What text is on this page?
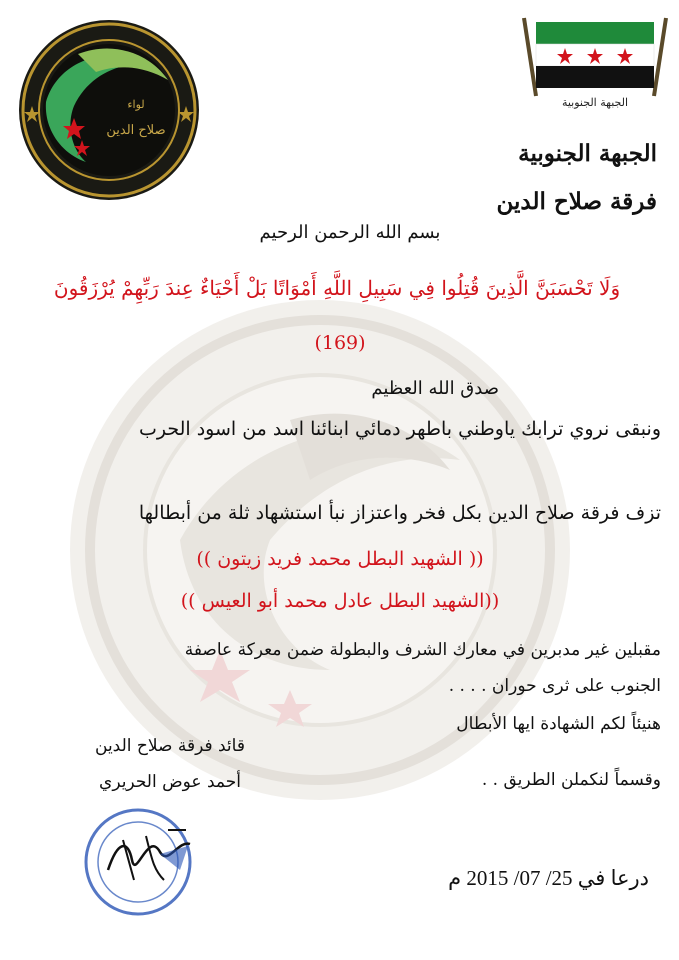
لواء
صلاح الدين
الجبهة الجنوبية
الجبهة الجنوبية
فرقة صلاح الدين
بسم الله الرحمن الرحيم
وَلَا تَحْسَبَنَّ الَّذِينَ قُتِلُوا فِي سَبِيلِ اللَّهِ أَمْوَاتًا بَلْ أَحْيَاءٌ عِندَ رَبِّهِمْ يُرْزَقُونَ
(169)
صدق الله العظيم
ونبقى نروي ترابك ياوطني باطهر دمائي ابنائنا اسد من اسود الحرب
تزف فرقة صلاح الدين بكل فخر واعتزاز نبأ استشهاد ثلة من أبطالها
(( الشهيد البطل محمد فريد زيتون ))
((الشهيد البطل عادل محمد أبو العيس ))
مقبلين غير مدبرين في معارك الشرف والبطولة ضمن معركة عاصفة
الجنوب على ثرى حوران . . . .
هنيئاً لكم الشهادة ايها الأبطال
وقسماً لنكملن الطريق . .
قائد فرقة صلاح الدين
أحمد عوض الحريري
درعا في 25/ 07/ 2015 م
